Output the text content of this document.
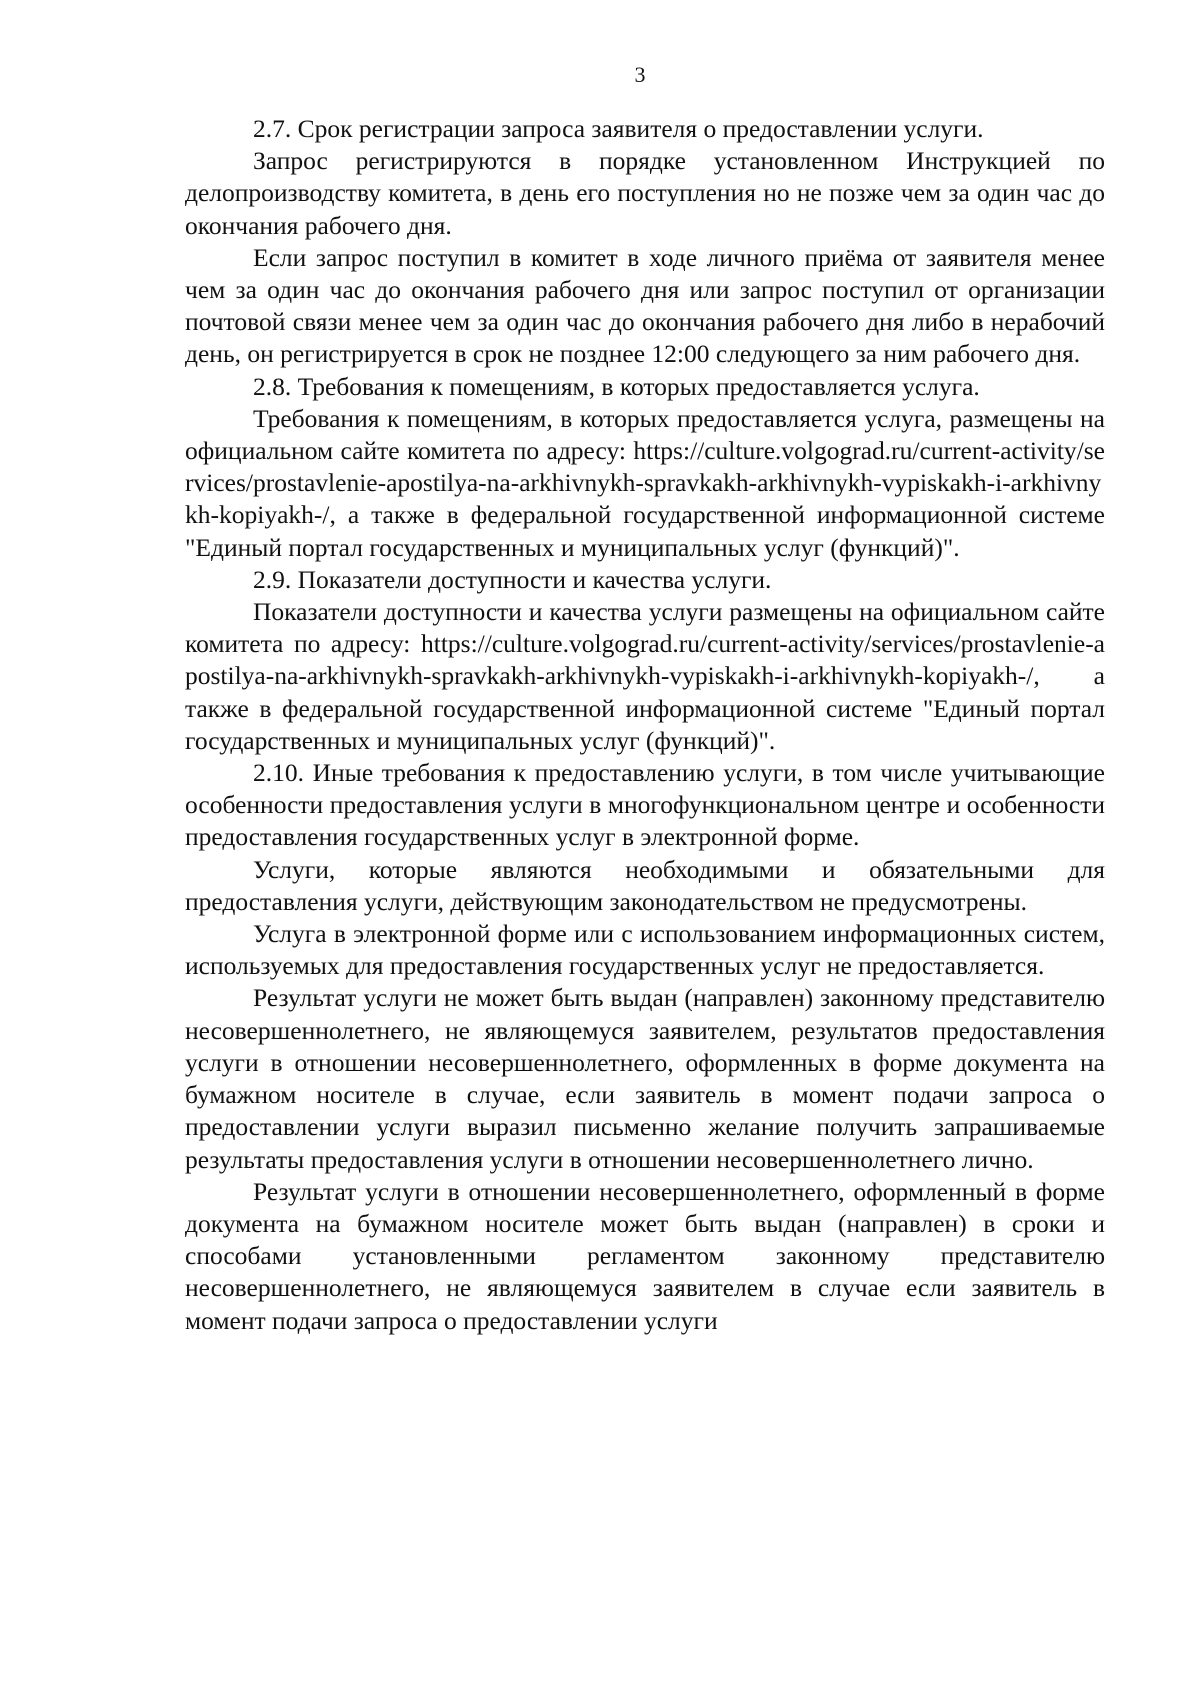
3

2.7. Срок регистрации запроса заявителя о предоставлении услуги.

Запрос регистрируются в порядке установленном Инструкцией по делопроизводству комитета, в день его поступления но не позже чем за один час до окончания рабочего дня.

Если запрос поступил в комитет в ходе личного приёма от заявителя менее чем за один час до окончания рабочего дня или запрос поступил от организации почтовой связи менее чем за один час до окончания рабочего дня либо в нерабочий день, он регистрируется в срок не позднее 12:00 следующего за ним рабочего дня.

2.8. Требования к помещениям, в которых предоставляется услуга.

Требования к помещениям, в которых предоставляется услуга, размещены на официальном сайте комитета по адресу: https://culture.volgograd.ru/current-activity/services/prostavlenie-apostilya-na-arkhivnykh-spravkakh-arkhivnykh-vypiskakh-i-arkhivnykh-kopiyakh-/, а также в федеральной государственной информационной системе "Единый портал государственных и муниципальных услуг (функций)".

2.9. Показатели доступности и качества услуги.

Показатели доступности и качества услуги размещены на официальном сайте комитета по адресу: https://culture.volgograd.ru/current-activity/services/prostavlenie-apostilya-na-arkhivnykh-spravkakh-arkhivnykh-vypiskakh-i-arkhivnykh-kopiyakh-/, а также в федеральной государственной информационной системе "Единый портал государственных и муниципальных услуг (функций)".

2.10. Иные требования к предоставлению услуги, в том числе учитывающие особенности предоставления услуги в многофункциональном центре и особенности предоставления государственных услуг в электронной форме.

Услуги, которые являются необходимыми и обязательными для предоставления услуги, действующим законодательством не предусмотрены.

Услуга в электронной форме или с использованием информационных систем, используемых для предоставления государственных услуг не предоставляется.

Результат услуги не может быть выдан (направлен) законному представителю несовершеннолетнего, не являющемуся заявителем, результатов предоставления услуги в отношении несовершеннолетнего, оформленных в форме документа на бумажном носителе в случае, если заявитель в момент подачи запроса о предоставлении услуги выразил письменно желание получить запрашиваемые результаты предоставления услуги в отношении несовершеннолетнего лично.

Результат услуги в отношении несовершеннолетнего, оформленный в форме документа на бумажном носителе может быть выдан (направлен) в сроки и способами установленными регламентом законному представителю несовершеннолетнего, не являющемуся заявителем в случае если заявитель в момент подачи запроса о предоставлении услуги
